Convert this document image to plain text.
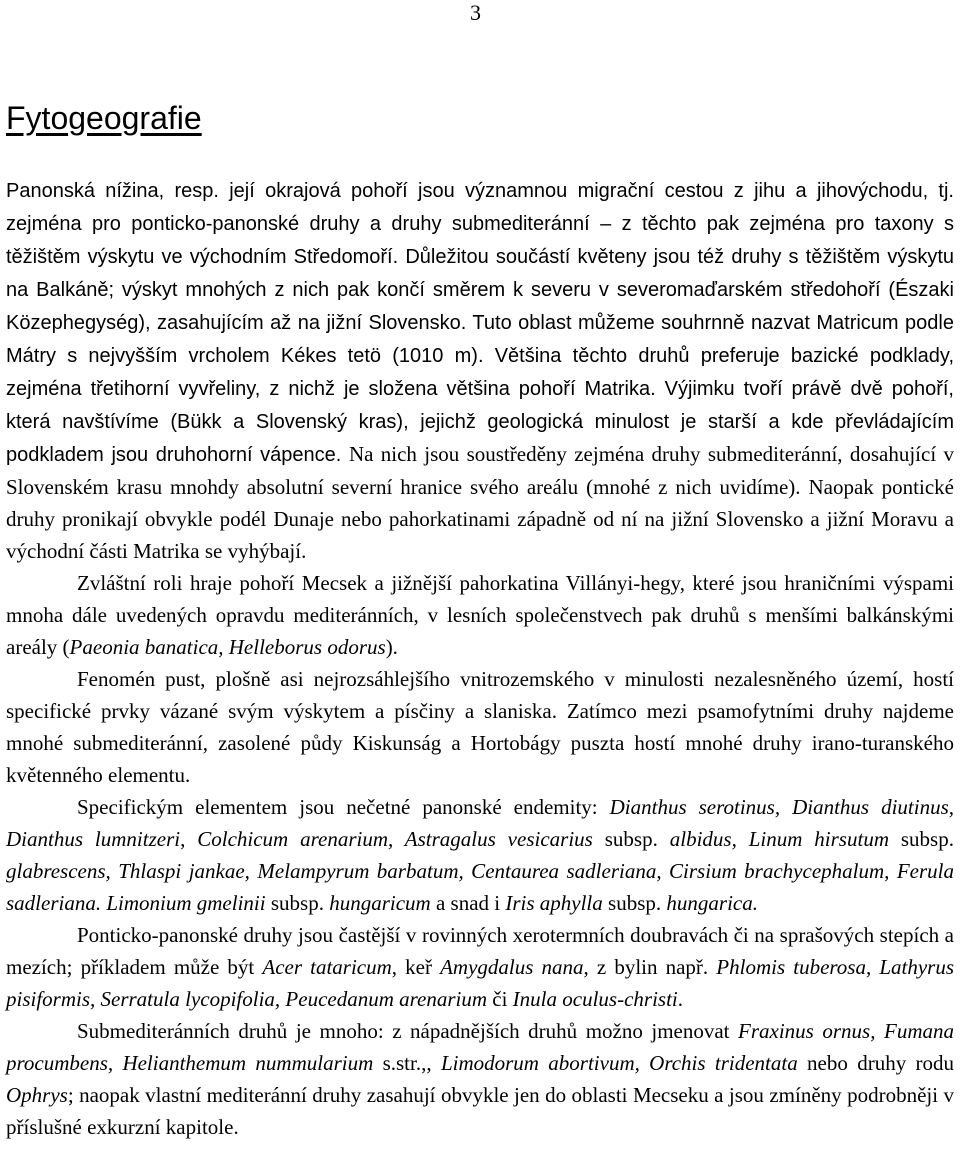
3
Fytogeografie

Panonská nížina, resp. její okrajová pohoří jsou významnou migrační cestou z jihu a jihovýchodu, tj. zejména pro ponticko-panonské druhy a druhy submediteránní – z těchto pak zejména pro taxony s těžištěm výskytu ve východním Středomoří. Důležitou součástí květeny jsou též druhy s těžištěm výskytu na Balkáně; výskyt mnohých z nich pak končí směrem k severu v severomaďarském středohoří (Északi Közephegység), zasahujícím až na jižní Slovensko. Tuto oblast můžeme souhrnně nazvat Matricum podle Mátry s nejvyšším vrcholem Kékes tetö (1010 m). Většina těchto druhů preferuje bazické podklady, zejména třetihorní vyvřeliny, z nichž je složena většina pohoří Matrika. Výjimku tvoří právě dvě pohoří, která navštívíme (Bükk a Slovenský kras), jejichž geologická minulost je starší a kde převládajícím podkladem jsou druhohorní vápence. Na nich jsou soustředěny zejména druhy submediteránní, dosahující v Slovenském krasu mnohdy absolutní severní hranice svého areálu (mnohé z nich uvidíme). Naopak pontické druhy pronikají obvykle podél Dunaje nebo pahorkatinami západně od ní na jižní Slovensko a jižní Moravu a východní části Matrika se vyhýbají.

Zvláštní roli hraje pohoří Mecsek a jižnější pahorkatina Villányi-hegy, které jsou hraničními výspami mnoha dále uvedených opravdu mediteránních, v lesních společenstvech pak druhů s menšími balkánskými areály (Paeonia banatica, Helleborus odorus).

Fenomén pust, plošně asi nejrozsáhlejšího vnitrozemského v minulosti nezalesněného území, hostí specifické prvky vázané svým výskytem a písčiny a slaniska. Zatímco mezi psamofytními druhy najdeme mnohé submediteránní, zasolené půdy Kiskunság a Hortobágy puszta hostí mnohé druhy irano-turanského květenného elementu.

Specifickým elementem jsou nečetné panonské endemity: Dianthus serotinus, Dianthus diutinus, Dianthus lumnitzeri, Colchicum arenarium, Astragalus vesicarius subsp. albidus, Linum hirsutum subsp. glabrescens, Thlaspi jankae, Melampyrum barbatum, Centaurea sadleriana, Cirsium brachycephalum, Ferula sadleriana. Limonium gmelinii subsp. hungaricum a snad i Iris aphylla subsp. hungarica.

Ponticko-panonské druhy jsou častější v rovinných xerotermních doubravách či na sprašových stepích a mezích; příkladem může být Acer tataricum, keř Amygdalus nana, z bylin např. Phlomis tuberosa, Lathyrus pisiformis, Serratula lycopifolia, Peucedanum arenarium či Inula oculus-christi.

Submediteránních druhů je mnoho: z nápadnějších druhů možno jmenovat Fraxinus ornus, Fumana procumbens, Helianthemum nummularium s.str.,, Limodorum abortivum, Orchis tridentata nebo druhy rodu Ophrys; naopak vlastní mediteránní druhy zasahují obvykle jen do oblasti Mecseku a jsou zmíněny podrobněji v příslušné exkurzní kapitole.
